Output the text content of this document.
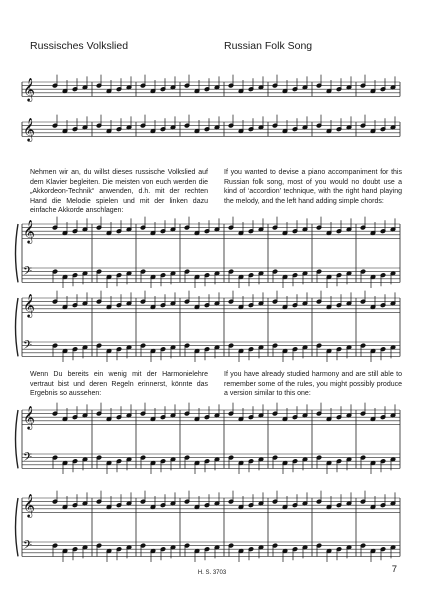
Russisches Volkslied	Russian Folk Song

Nehmen wir an, du willst dieses russische Volkslied auf dem Klavier begleiten. Die meisten von euch werden die „Akkordeon-Technik“ anwenden, d.h. mit der rechten Hand die Melodie spielen und mit der linken dazu einfache Akkorde anschlagen:

If you wanted to devise a piano accompaniment for this Russian folk song, most of you would no doubt use a kind of ‘accordion’ technique, with the right hand playing the melody, and the left hand adding simple chords:

Wenn Du bereits ein wenig mit der Harmonielehre vertraut bist und deren Regeln erinnerst, könnte das Ergebnis so aussehen:

If you have already studied harmony and are still able to remember some of the rules, you might possibly produce a version similar to this one:

𝄞
𝄞
𝄞
𝄢
𝄞
𝄢
𝄞
𝄢
𝄞
𝄢
H. S. 3703	7
